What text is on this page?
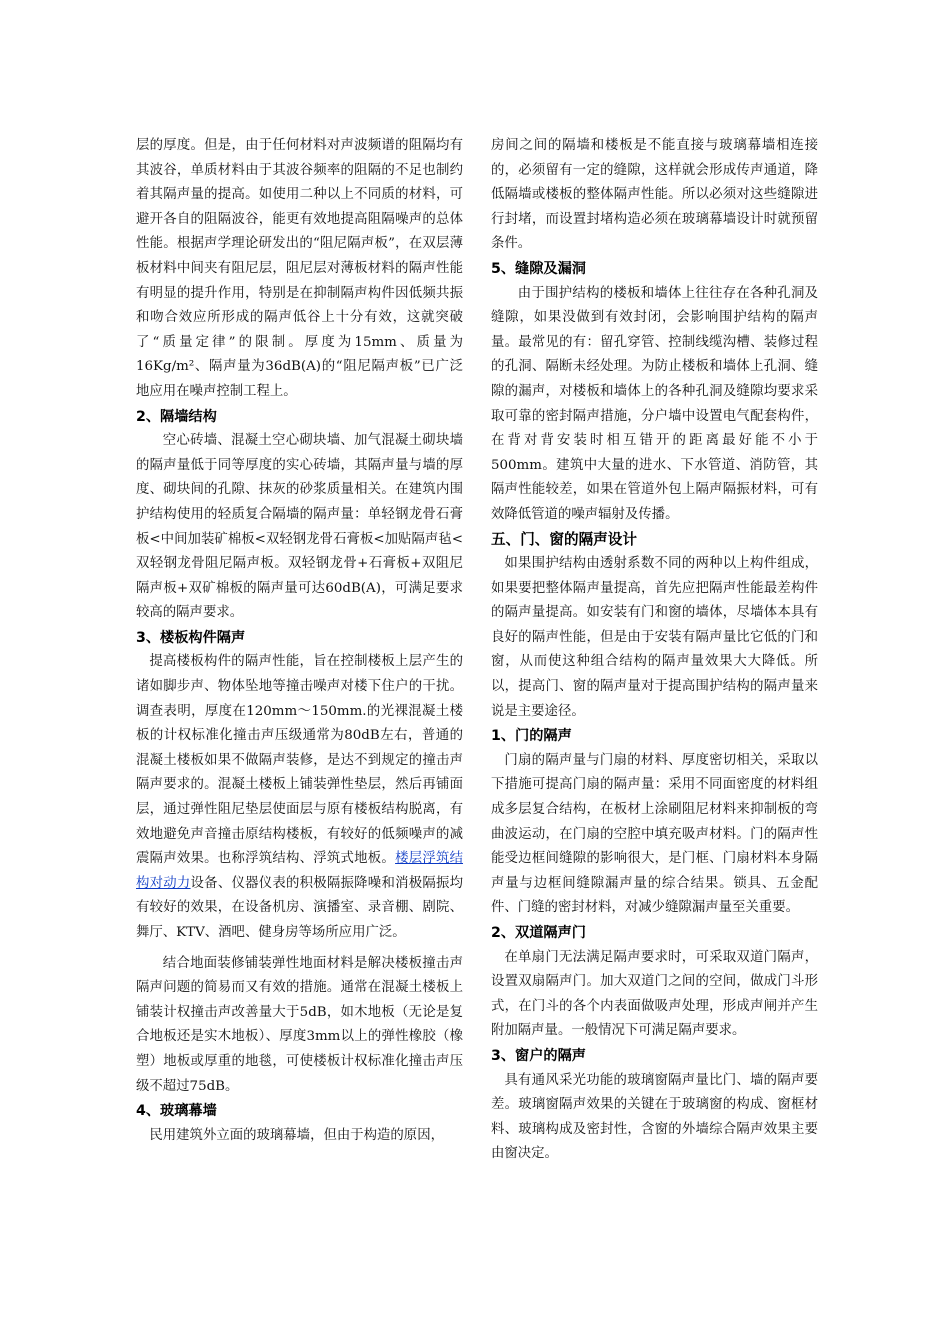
层的厚度。但是，由于任何材料对声波频谱的阻隔均有其波谷，单质材料由于其波谷频率的阻隔的不足也制约着其隔声量的提高。如使用二种以上不同质的材料，可避开各自的阻隔波谷，能更有效地提高阻隔噪声的总体性能。根据声学理论研发出的“阻尼隔声板”，在双层薄板材料中间夹有阻尼层，阻尼层对薄板材料的隔声性能有明显的提升作用，特别是在抑制隔声构件因低频共振和吻合效应所形成的隔声低谷上十分有效，这就突破了“质量定律”的限制。厚度为15mm、质量为16Kg/m²、隔声量为36dB(A)的“阻尼隔声板”已广泛地应用在噪声控制工程上。

2、隔墙结构

空心砖墙、混凝土空心砌块墙、加气混凝土砌块墙的隔声量低于同等厚度的实心砖墙，其隔声量与墙的厚度、砌块间的孔隙、抹灰的砂浆质量相关。在建筑内围护结构使用的轻质复合隔墙的隔声量：单轻钢龙骨石膏板<中间加装矿棉板<双轻钢龙骨石膏板<加贴隔声毡<双轻钢龙骨阻尼隔声板。双轻钢龙骨+石膏板+双阻尼隔声板+双矿棉板的隔声量可达60dB(A)，可满足要求较高的隔声要求。

3、楼板构件隔声

提高楼板构件的隔声性能，旨在控制楼板上层产生的诸如脚步声、物体坠地等撞击噪声对楼下住户的干扰。调查表明，厚度在120mm～150mm.的光裸混凝土楼板的计权标准化撞击声压级通常为80dB左右，普通的混凝土楼板如果不做隔声装修，是达不到规定的撞击声隔声要求的。混凝土楼板上铺装弹性垫层，然后再铺面层，通过弹性阻尼垫层使面层与原有楼板结构脱离，有效地避免声音撞击原结构楼板，有较好的低频噪声的减震隔声效果。也称浮筑结构、浮筑式地板。楼层浮筑结构对动力设备、仪器仪表的积极隔振降噪和消极隔振均有较好的效果，在设备机房、演播室、录音棚、剧院、舞厅、KTV、酒吧、健身房等场所应用广泛。

结合地面装修铺装弹性地面材料是解决楼板撞击声隔声问题的简易而又有效的措施。通常在混凝土楼板上铺装计权撞击声改善量大于5dB，如木地板（无论是复合地板还是实木地板）、厚度3mm以上的弹性橡胶（橡塑）地板或厚重的地毯，可使楼板计权标准化撞击声压级不超过75dB。

4、玻璃幕墙

民用建筑外立面的玻璃幕墙，但由于构造的原因，

房间之间的隔墙和楼板是不能直接与玻璃幕墙相连接的，必须留有一定的缝隙，这样就会形成传声通道，降低隔墙或楼板的整体隔声性能。所以必须对这些缝隙进行封堵，而设置封堵构造必须在玻璃幕墙设计时就预留条件。

5、缝隙及漏洞

由于围护结构的楼板和墙体上往往存在各种孔洞及缝隙，如果没做到有效封闭，会影响围护结构的隔声量。最常见的有：留孔穿管、控制线缆沟槽、装修过程的孔洞、隔断未经处理。为防止楼板和墙体上孔洞、缝隙的漏声，对楼板和墙体上的各种孔洞及缝隙均要求采取可靠的密封隔声措施，分户墙中设置电气配套构件，在背对背安装时相互错开的距离最好能不小于500mm。建筑中大量的进水、下水管道、消防管，其隔声性能较差，如果在管道外包上隔声隔振材料，可有效降低管道的噪声辐射及传播。

五、门、窗的隔声设计

如果围护结构由透射系数不同的两种以上构件组成，如果要把整体隔声量提高，首先应把隔声性能最差构件的隔声量提高。如安装有门和窗的墙体，尽墙体本具有良好的隔声性能，但是由于安装有隔声量比它低的门和窗，从而使这种组合结构的隔声量效果大大降低。所以，提高门、窗的隔声量对于提高围护结构的隔声量来说是主要途径。

1、门的隔声

门扇的隔声量与门扇的材料、厚度密切相关，采取以下措施可提高门扇的隔声量：采用不同面密度的材料组成多层复合结构，在板材上涂刷阻尼材料来抑制板的弯曲波运动，在门扇的空腔中填充吸声材料。门的隔声性能受边框间缝隙的影响很大，是门框、门扇材料本身隔声量与边框间缝隙漏声量的综合结果。锁具、五金配件、门缝的密封材料，对减少缝隙漏声量至关重要。

2、双道隔声门

在单扇门无法满足隔声要求时，可采取双道门隔声，设置双扇隔声门。加大双道门之间的空间，做成门斗形式，在门斗的各个内表面做吸声处理，形成声闸并产生附加隔声量。一般情况下可满足隔声要求。

3、窗户的隔声

具有通风采光功能的玻璃窗隔声量比门、墙的隔声要差。玻璃窗隔声效果的关键在于玻璃窗的构成、窗框材料、玻璃构成及密封性，含窗的外墙综合隔声效果主要由窗决定。
